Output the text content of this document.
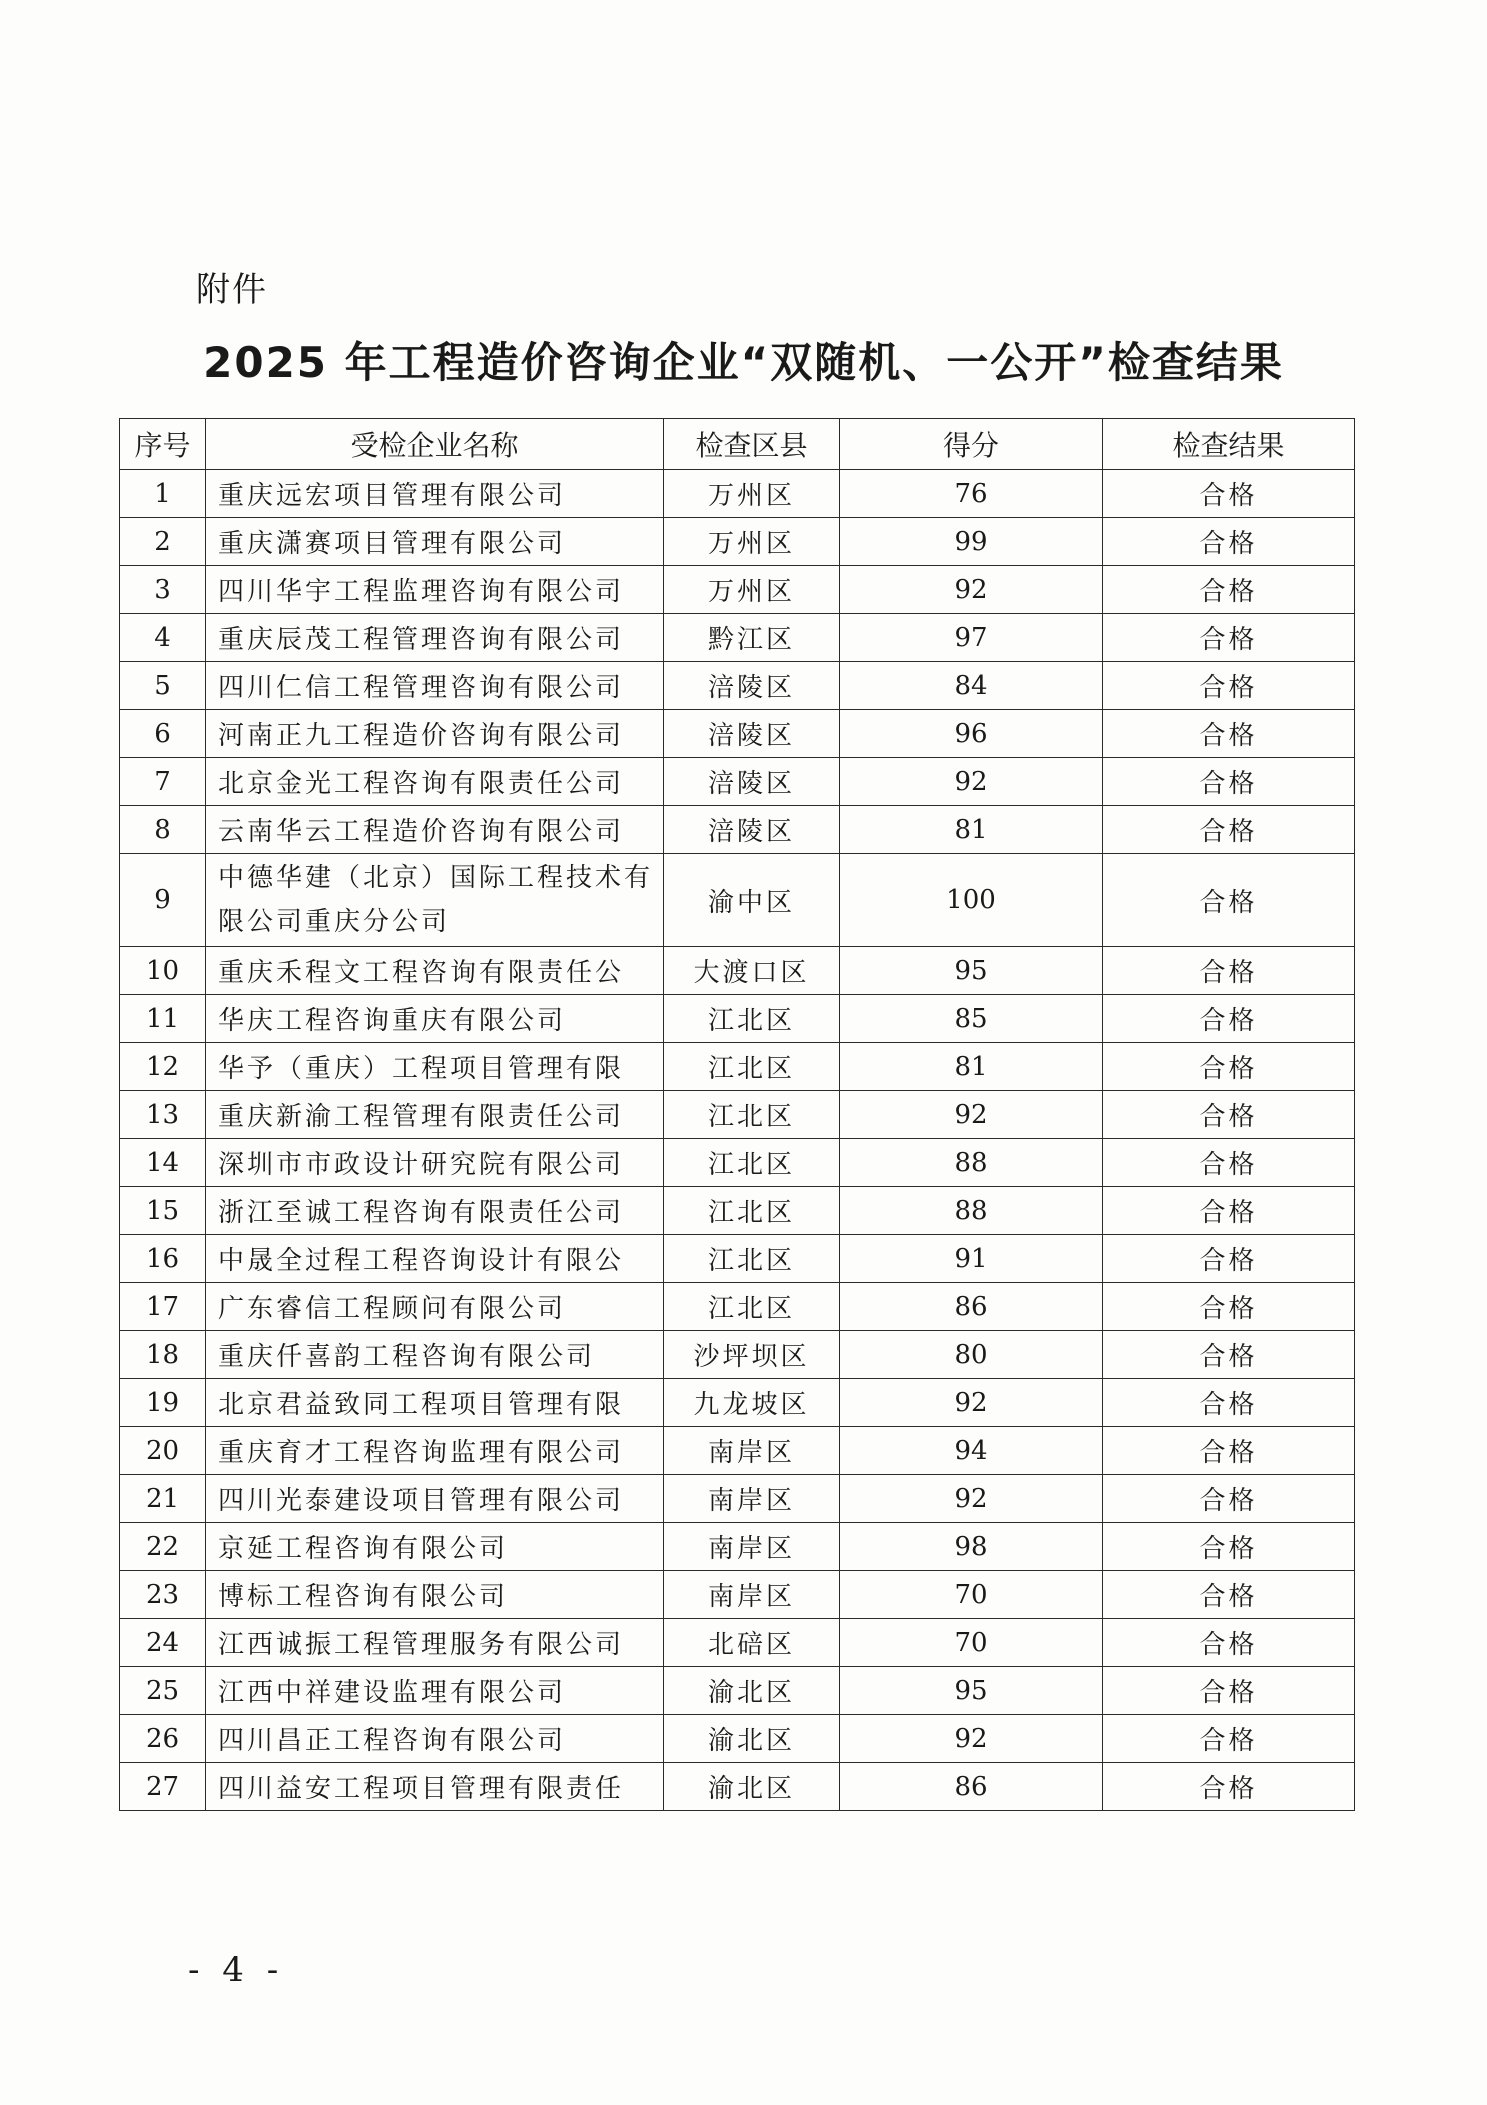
附件
2025 年工程造价咨询企业“双随机、一公开”检查结果
序号	受检企业名称	检查区县	得分	检查结果
1	重庆远宏项目管理有限公司	万州区	76	合格
2	重庆潇赛项目管理有限公司	万州区	99	合格
3	四川华宇工程监理咨询有限公司	万州区	92	合格
4	重庆辰茂工程管理咨询有限公司	黔江区	97	合格
5	四川仁信工程管理咨询有限公司	涪陵区	84	合格
6	河南正九工程造价咨询有限公司	涪陵区	96	合格
7	北京金光工程咨询有限责任公司	涪陵区	92	合格
8	云南华云工程造价咨询有限公司	涪陵区	81	合格
9	中德华建（北京）国际工程技术有限公司重庆分公司	渝中区	100	合格
10	重庆禾程文工程咨询有限责任公	大渡口区	95	合格
11	华庆工程咨询重庆有限公司	江北区	85	合格
12	华予（重庆）工程项目管理有限	江北区	81	合格
13	重庆新渝工程管理有限责任公司	江北区	92	合格
14	深圳市市政设计研究院有限公司	江北区	88	合格
15	浙江至诚工程咨询有限责任公司	江北区	88	合格
16	中晟全过程工程咨询设计有限公	江北区	91	合格
17	广东睿信工程顾问有限公司	江北区	86	合格
18	重庆仟喜韵工程咨询有限公司	沙坪坝区	80	合格
19	北京君益致同工程项目管理有限	九龙坡区	92	合格
20	重庆育才工程咨询监理有限公司	南岸区	94	合格
21	四川光泰建设项目管理有限公司	南岸区	92	合格
22	京延工程咨询有限公司	南岸区	98	合格
23	博标工程咨询有限公司	南岸区	70	合格
24	江西诚振工程管理服务有限公司	北碚区	70	合格
25	江西中祥建设监理有限公司	渝北区	95	合格
26	四川昌正工程咨询有限公司	渝北区	92	合格
27	四川益安工程项目管理有限责任	渝北区	86	合格
- 4 -
